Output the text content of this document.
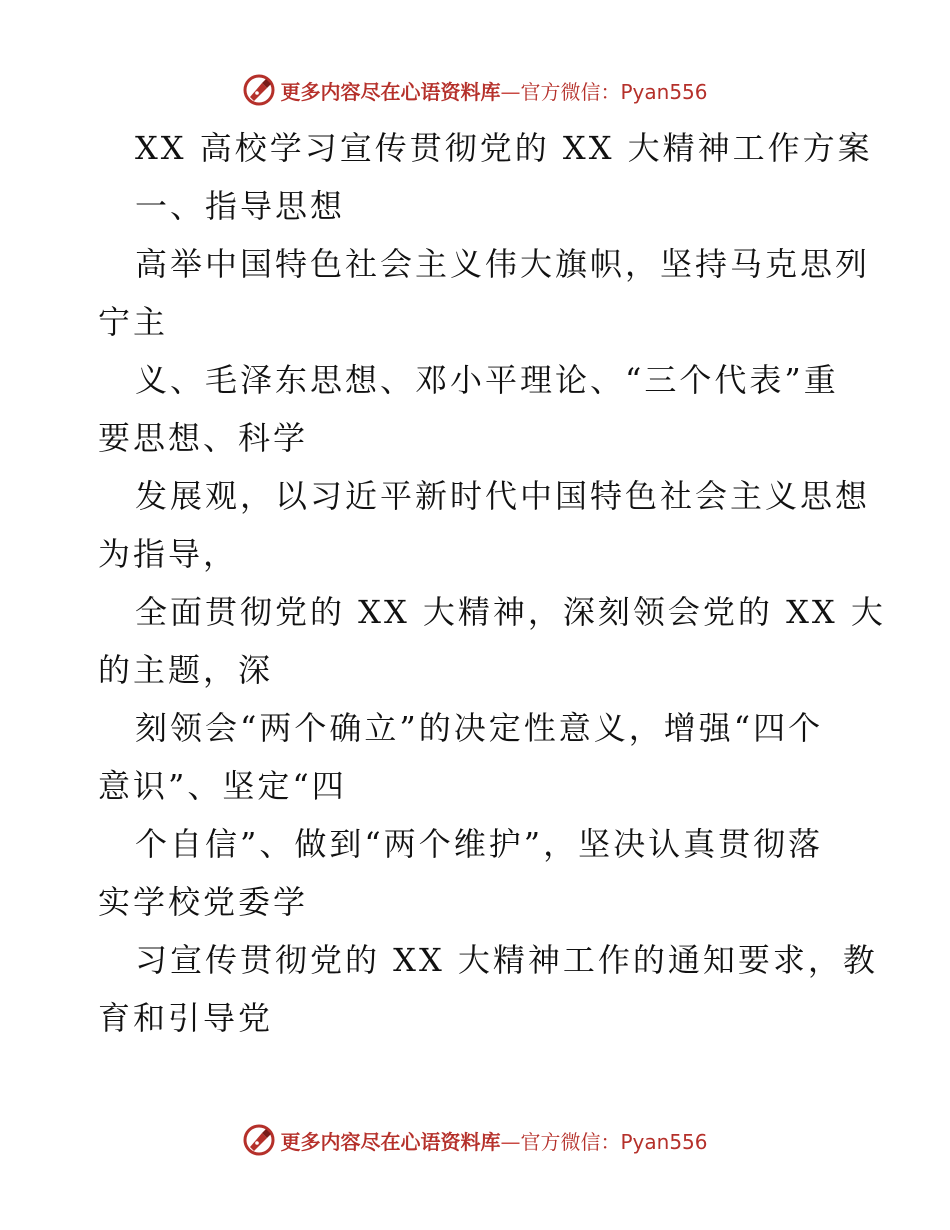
更多内容尽在心语资料库—官方微信：Pyan556
XX 高校学习宣传贯彻党的 XX 大精神工作方案
一、指导思想
高举中国特色社会主义伟大旗帜，坚持马克思列
宁主
义、毛泽东思想、邓小平理论、“三个代表”重
要思想、科学
发展观，以习近平新时代中国特色社会主义思想
为指导，
全面贯彻党的 XX 大精神，深刻领会党的 XX 大
的主题，深
刻领会“两个确立”的决定性意义，增强“四个
意识”、坚定“四
个自信”、做到“两个维护”，坚决认真贯彻落
实学校党委学
习宣传贯彻党的 XX 大精神工作的通知要求，教
育和引导党
更多内容尽在心语资料库—官方微信：Pyan556
